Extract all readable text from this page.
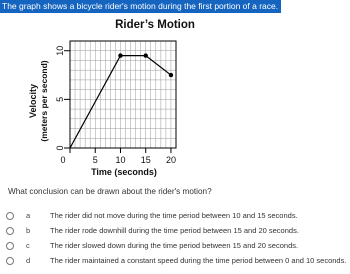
The graph shows a bicycle rider's motion during the first portion of a race.
Rider’s Motion
Velocity (meters per second)
0	5 10 15 20
0
5
10
Time (seconds)
What conclusion can be drawn about the rider's motion?
a	The rider did not move during the time period between 10 and 15 seconds.
b	The rider rode downhill during the time period between 15 and 20 seconds.
c	The rider slowed down during the time period between 15 and 20 seconds.
d	The rider maintained a constant speed during the time period between 0 and 10 seconds.
